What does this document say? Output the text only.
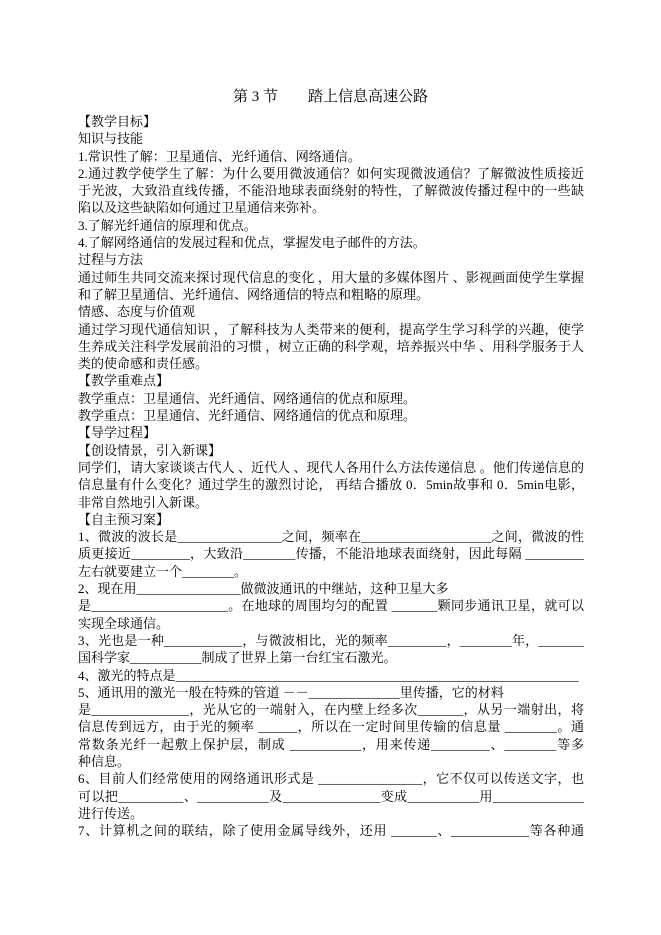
第 3 节　　踏上信息高速公路
【教学目标】
知识与技能
1.常识性了解：卫星通信、光纤通信、网络通信。
2.通过教学使学生了解：为什么要用微波通信？如何实现微波通信？了解微波性质接近
于光波，大致沿直线传播，不能沿地球表面绕射的特性，了解微波传播过程中的一些缺
陷以及这些缺陷如何通过卫星通信来弥补。
3.了解光纤通信的原理和优点。
4.了解网络通信的发展过程和优点，掌握发电子邮件的方法。
过程与方法
通过师生共同交流来探讨现代信息的变化 ，用大量的多媒体图片 、影视画面使学生掌握
和了解卫星通信、光纤通信、网络通信的特点和粗略的原理。
情感、态度与价值观
通过学习现代通信知识 ，了解科技为人类带来的便利，提高学生学习科学的兴趣，使学
生养成关注科学发展前沿的习惯 ，树立正确的科学观，培养振兴中华 、用科学服务于人
类的使命感和责任感。
【教学重难点】
教学重点：卫星通信、光纤通信、网络通信的优点和原理。
教学重点：卫星通信、光纤通信、网络通信的优点和原理。
【导学过程】
【创设情景，引入新课】
同学们，请大家谈谈古代人 、近代人 、现代人各用什么方法传递信息 。他们传递信息的
信息量有什么变化？通过学生的激烈讨论， 再结合播放 0．5min故事和 0．5min电影，
非常自然地引入新课。
【自主预习案】
1、微波的波长是________________之间，频率在____________________之间，微波的性
质更接近_________，大致沿________传播，不能沿地球表面绕射，因此每隔 _________
左右就要建立一个________。
2、现在用________________做微波通讯的中继站，这种卫星大多
是_____________________。在地球的周围均匀的配置 _______颗同步通讯卫星，就可以
实现全球通信。
3、光也是一种____________，与微波相比，光的频率_________，________年，_______
国科学家___________制成了世界上第一台红宝石激光。
4、激光的特点是______________________________________________________________
5、通讯用的激光一般在特殊的管道 －－______________里传播，它的材料
是_______________，光从它的一端射入，在内壁上经多次_______，从另一端射出，将
信息传到远方，由于光的频率 ______，所以在一定时间里传输的信息量 ________。通
常数条光纤一起敷上保护层，制成 ___________，用来传递_________、________等多
种信息。
6、目前人们经常使用的网络通讯形式是 ________________，它不仅可以传送文字，也
可以把__________、___________及_______________变成___________用______________
进行传送。
7、计算机之间的联结，除了使用金属导线外，还用 _______、____________等各种通
